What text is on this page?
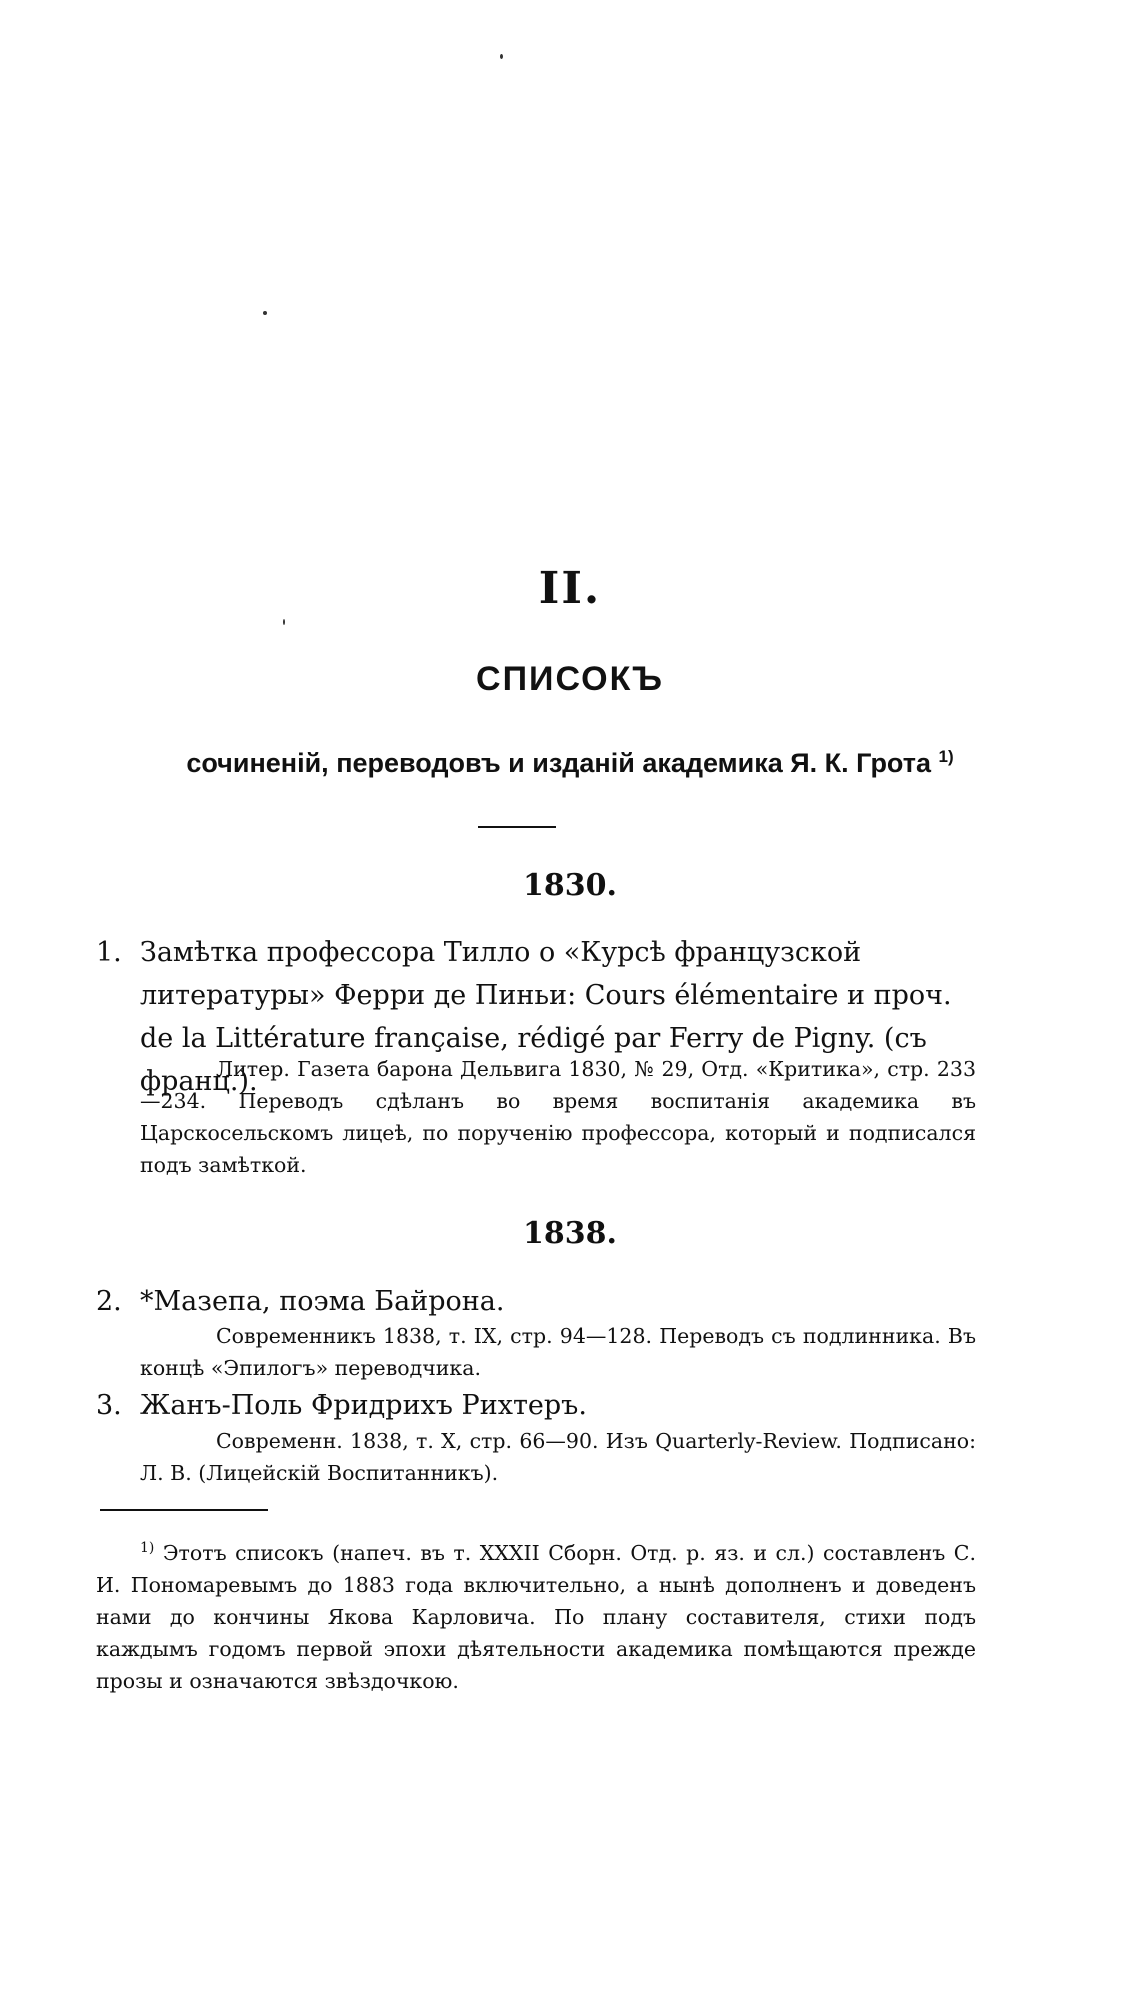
II.
СПИСОКЪ
сочиненій, переводовъ и изданій академика Я. К. Грота $^{1)}$
1830.
1. Замѣтка профессора Тилло о «Курсѣ французской литературы» Ферри де Пиньи: Cours élémentaire и проч. de la Littérature française, rédigé par Ferry de Pigny. (съ франц.).
Литер. Газета барона Дельвига 1830, № 29, Отд. «Критика», стр. 233—234. Переводъ сдѣланъ во время воспитанія академика въ Царскосельскомъ лицеѣ, по порученію профессора, который и подписался подъ замѣткой.
1838.
2. *Мазепа, поэма Байрона.
Современникъ 1838, т. IX, стр. 94—128. Переводъ съ подлинника. Въ концѣ «Эпилогъ» переводчика.
3. Жанъ-Поль Фридрихъ Рихтеръ.
Современн. 1838, т. X, стр. 66—90. Изъ Quarterly-Review. Подписано: Л. В. (Лицейскій Воспитанникъ).
$^{1)}$ Этотъ списокъ (напеч. въ т. XXXII Сборн. Отд. р. яз. и сл.) составленъ С. И. Пономаревымъ до 1883 года включительно, а нынѣ дополненъ и доведенъ нами до кончины Якова Карловича. По плану составителя, стихи подъ каждымъ годомъ первой эпохи дѣятельности академика помѣщаются прежде прозы и означаются звѣздочкою.
